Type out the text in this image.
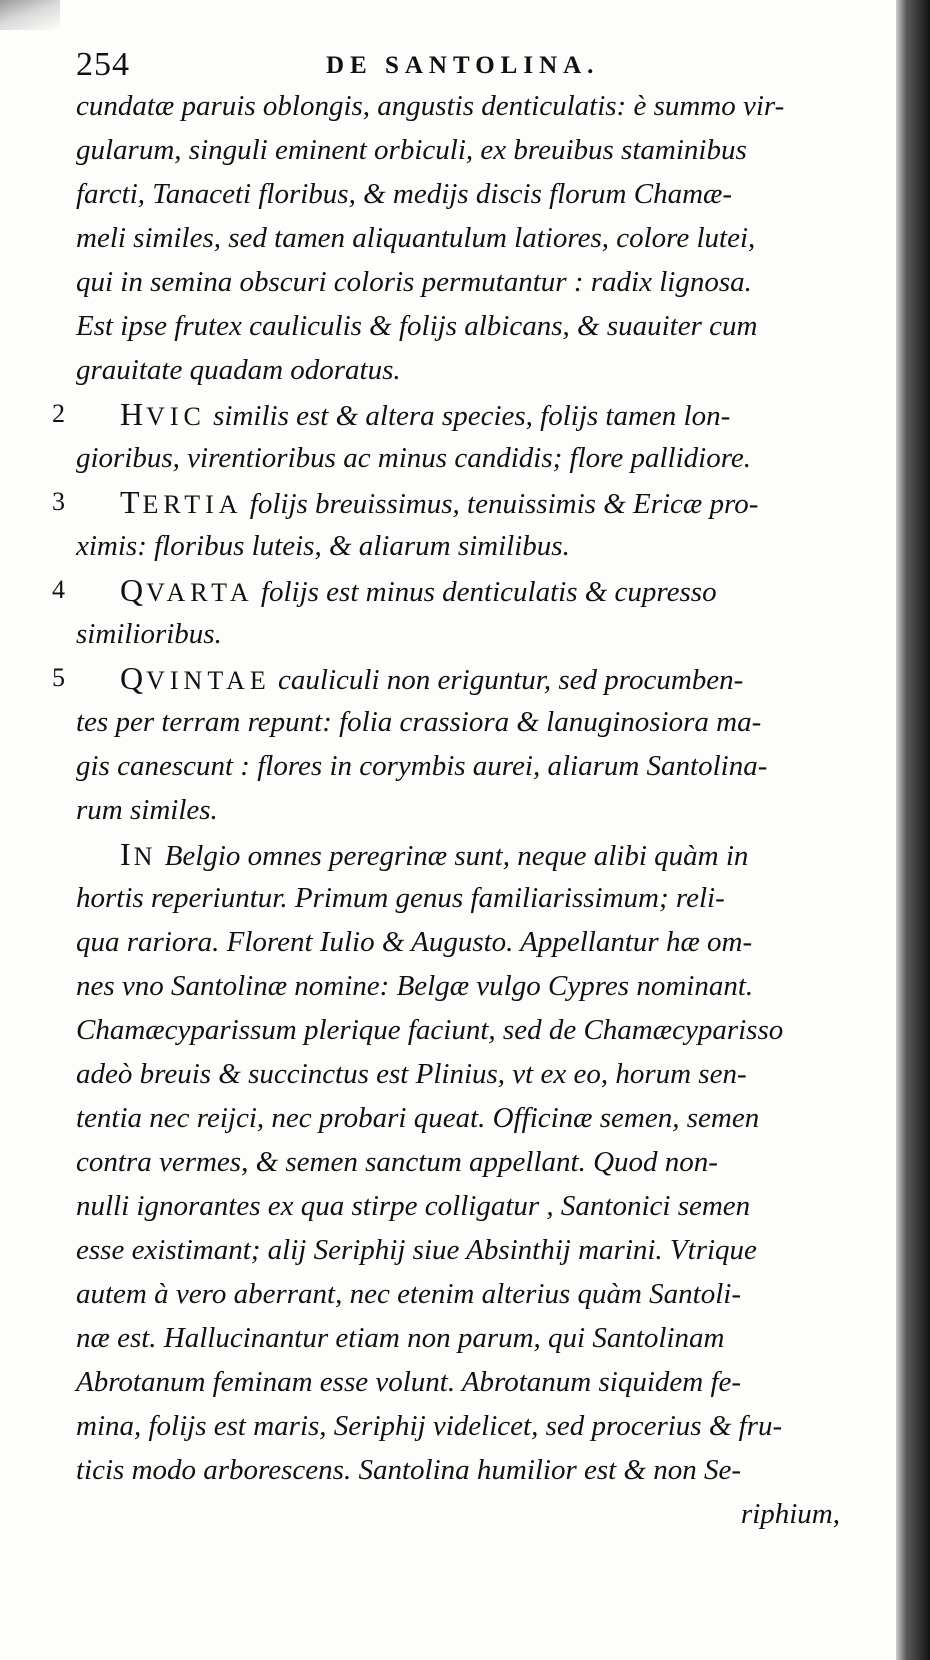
254	DE SANTOLINA.
cundatæ paruis oblongis, angustis denticulatis: è summo vir-
gularum, singuli eminent orbiculi, ex breuibus staminibus
farcti, Tanaceti floribus, & medijs discis florum Chamæ-
meli similes, sed tamen aliquantulum latiores, colore lutei,
qui in semina obscuri coloris permutantur : radix lignosa.
Est ipse frutex cauliculis & folijs albicans, & suauiter cum
grauitate quadam odoratus.
2 HVIC similis est & altera species, folijs tamen lon-
gioribus, virentioribus ac minus candidis; flore pallidiore.
3 TERTIA folijs breuissimus, tenuissimis & Ericæ pro-
ximis: floribus luteis, & aliarum similibus.
4 QVARTA folijs est minus denticulatis & cupresso
similioribus.
5 QVINTAE cauliculi non eriguntur, sed procumben-
tes per terram repunt: folia crassiora & lanuginosiora ma-
gis canescunt : flores in corymbis aurei, aliarum Santolina-
rum similes.
IN Belgio omnes peregrinæ sunt, neque alibi quàm in
hortis reperiuntur. Primum genus familiarissimum; reli-
qua rariora. Florent Iulio & Augusto. Appellantur hæ om-
nes vno Santolinæ nomine: Belgæ vulgo Cypres nominant.
Chamæcyparissum plerique faciunt, sed de Chamæcyparisso
adeò breuis & succinctus est Plinius, vt ex eo, horum sen-
tentia nec reijci, nec probari queat. Officinæ semen, semen
contra vermes, & semen sanctum appellant. Quod non-
nulli ignorantes ex qua stirpe colligatur , Santonici semen
esse existimant; alij Seriphij siue Absinthij marini. Vtrique
autem à vero aberrant, nec etenim alterius quàm Santoli-
næ est. Hallucinantur etiam non parum, qui Santolinam
Abrotanum feminam esse volunt. Abrotanum siquidem fe-
mina, folijs est maris, Seriphij videlicet, sed procerius & fru-
ticis modo arborescens. Santolina humilior est & non Se-
riphium,
